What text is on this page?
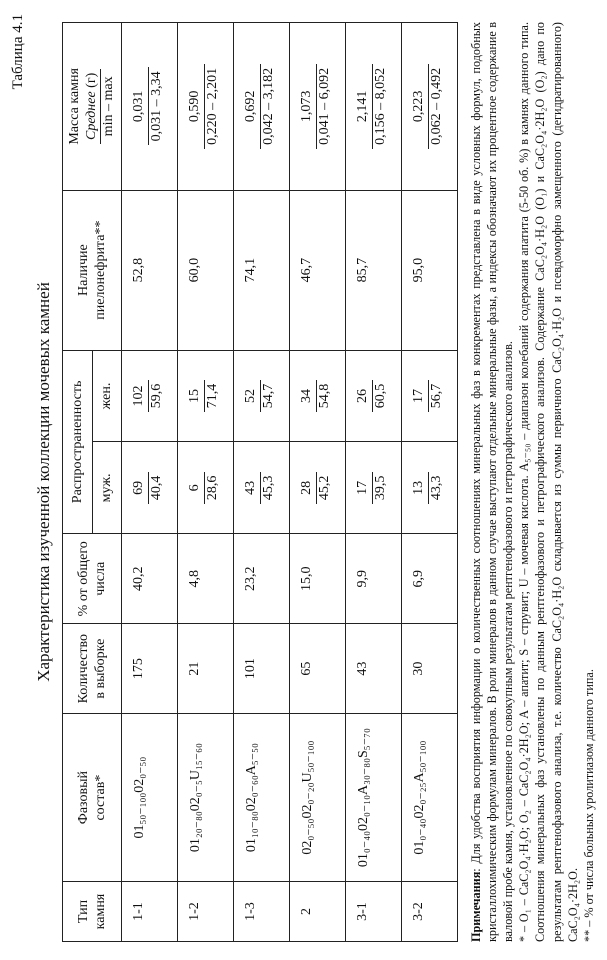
Таблица 4.1
Характеристика изученной коллекции мочевых камней
Тип камня	Фазовый состав*	Количество в выборке	% от общего числа	Распространенность		Наличие пиелонефрита**	Масса камня Среднее (г) min – max

				муж.	жен.		
1-1	01₅₀₋₁₀₀02₀₋₅₀	175	40,2	69 40,4	102 59,6	52,8	0,031 0,031 – 3,34

1-2	01₂₀₋₈₀02₀₋₅U₁₅₋₆₀	21	4,8	6 28,6	15 71,4	60,0	0,590 0,220 – 2,201

1-3	01₁₀₋₈₀02₀₋₆₀A₅₋₅₀	101	23,2	43 45,3	52 54,7	74,1	0,692 0,042 – 3,182

2	02₀₋₅₀02₀₋₂₀U₅₀₋₁₀₀	65	15,0	28 45,2	34 54,8	46,7	1,073 0,041 – 6,092

3-1	01₀₋₄₀02₀₋₁₀A₃₀₋₈₀S₅₋₇₀	43	9,9	17 39,5	26 60,5	85,7	2,141 0,156 – 8,052

3-2	01₀₋₄₀02₀₋₂₅A₅₀₋₁₀₀	30	6,9	13 43,3	17 56,7	95,0	0,223 0,062 – 0,492

Примечания: Для удобства восприятия информации о количественных соотношениях минеральных фаз в конкрементах представлена в виде условных формул, подобных кристаллохимическим формулам минералов. В роли минералов в данном случае выступают отдельные минеральные фазы, а индексы обозначают их процентное содержание в валовой пробе камня, установленное по совокупным результатам рентгенофазового и петрографического анализов. * – O₁ – CaC₂O₄·H₂O; O₂ – CaC₂O₄·2H₂O; A – апатит; S – струвит; U – мочевая кислота. A₅₋₅₀ – диапазон колебаний содержания апатита (5-50 об. %) в камнях данного типа. Соотношения минеральных фаз установлены по данным рентгенофазового и петрографического анализов. Содержание CaC₂O₄·H₂O (O₁) и CaC₂O₄·2H₂O (O₂) дано по результатам рентгенофазового анализа, т.е. количество CaC₂O₄·H₂O складывается из суммы первичного CaC₂O₄·H₂O и псевдоморфно замещенного (дегидратированного) CaC₂O₄·2H₂O. ** – % от числа больных уролитиазом данного типа.
